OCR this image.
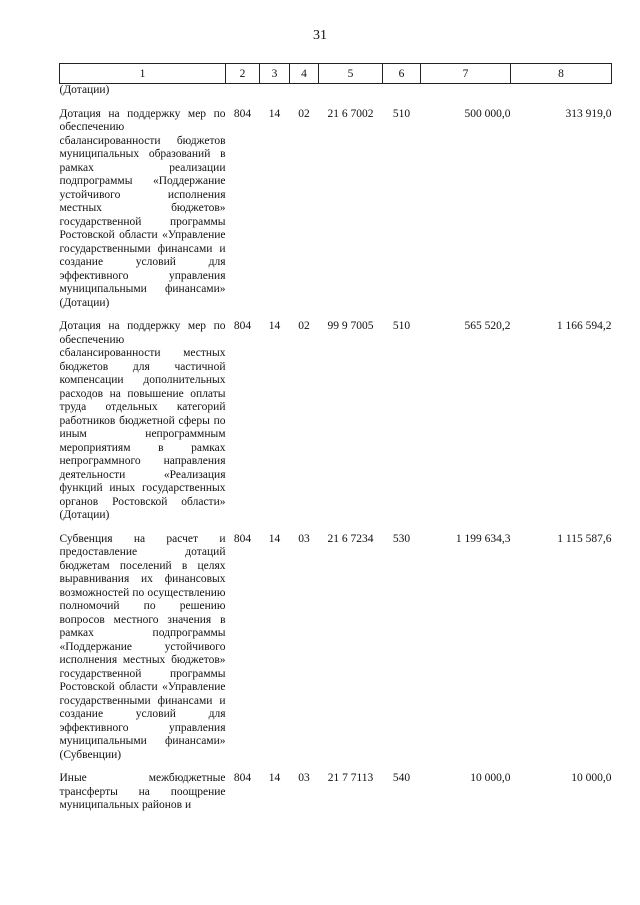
31
1	2	3	4	5	6	7	8
(Дотации)							

Дотация на поддержку мер по обеспечению сбалансированности бюджетов муниципальных образований в рамках реализации подпрограммы «Поддержание устойчивого исполнения местных бюджетов» государственной программы Ростовской области «Управление государственными финансами и создание условий для эффективного управления муниципальными финансами» (Дотации)	804	14	02	21 6 7002	510	500 000,0	313 919,0

Дотация на поддержку мер по обеспечению сбалансированности местных бюджетов для частичной компенсации дополнительных расходов на повышение оплаты труда отдельных категорий работников бюджетной сферы по иным непрограммным мероприятиям в рамках непрограммного направления деятельности «Реализация функций иных государственных органов Ростовской области» (Дотации)	804	14	02	99 9 7005	510	565 520,2	1 166 594,2

Субвенция на расчет и предоставление дотаций бюджетам поселений в целях выравнивания их финансовых возможностей по осуществлению полномочий по решению вопросов местного значения в рамках подпрограммы «Поддержание устойчивого исполнения местных бюджетов» государственной программы Ростовской области «Управление государственными финансами и создание условий для эффективного управления муниципальными финансами» (Субвенции)	804	14	03	21 6 7234	530	1 199 634,3	1 115 587,6

Иные межбюджетные трансферты на поощрение муниципальных районов и	804	14	03	21 7 7113	540	10 000,0	10 000,0
